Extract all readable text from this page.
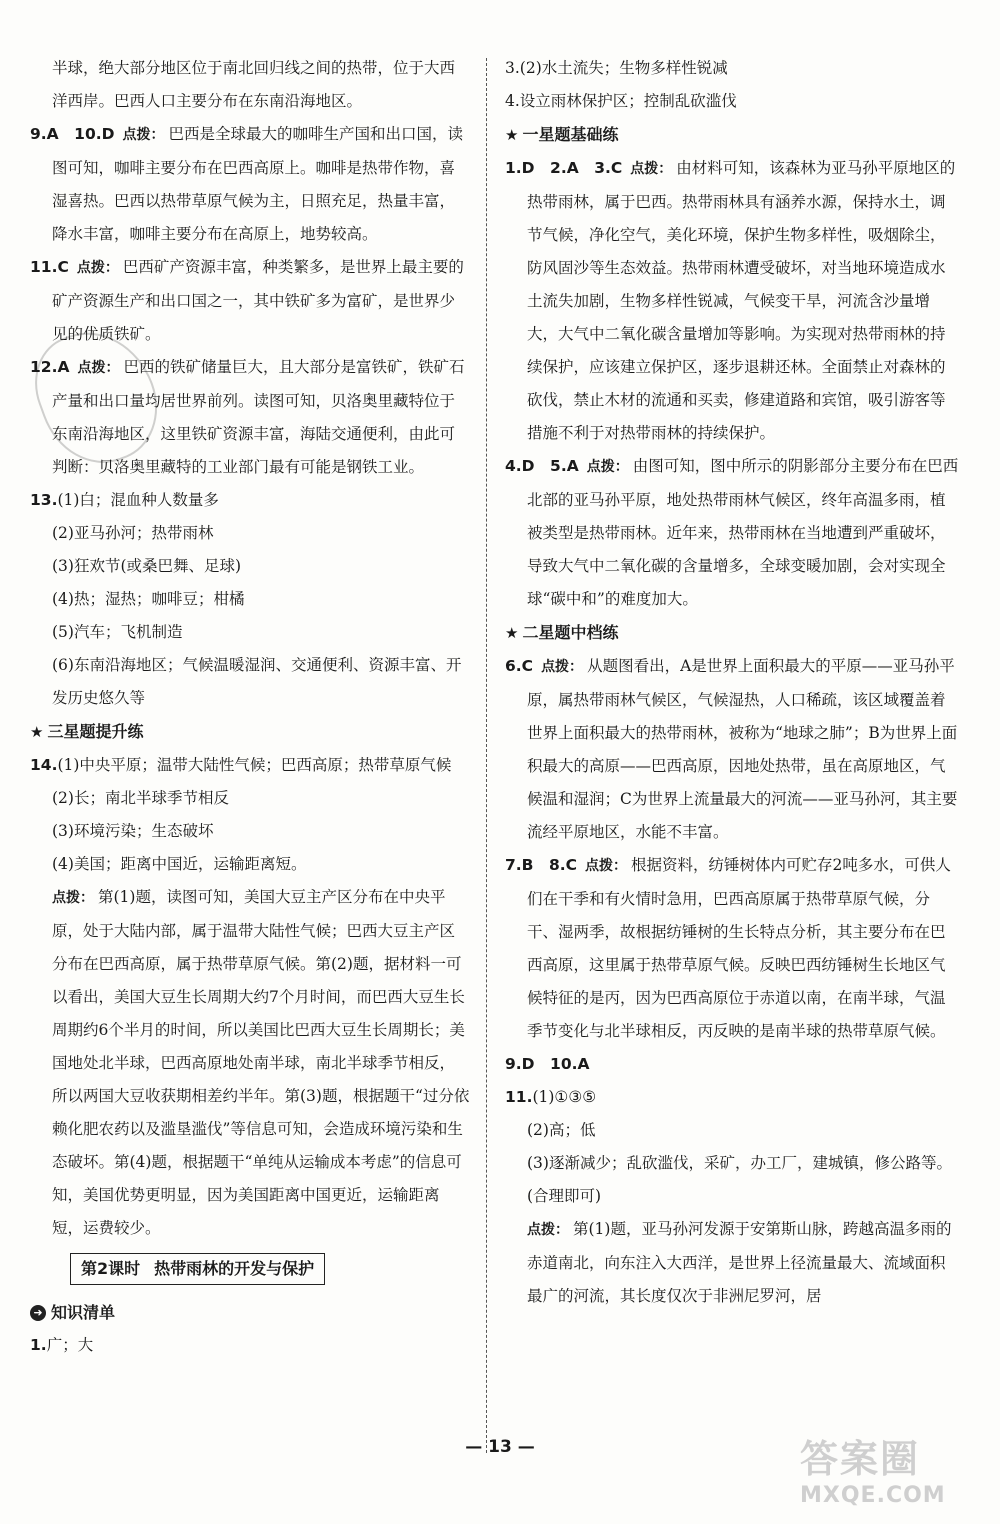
半球，绝大部分地区位于南北回归线之间的热带，位于大西洋西岸。巴西人口主要分布在东南沿海地区。
9.A　10.D 点拨： 巴西是全球最大的咖啡生产国和出口国，读图可知，咖啡主要分布在巴西高原上。咖啡是热带作物，喜湿喜热。巴西以热带草原气候为主，日照充足，热量丰富，降水丰富，咖啡主要分布在高原上，地势较高。
11.C 点拨： 巴西矿产资源丰富，种类繁多，是世界上最主要的矿产资源生产和出口国之一，其中铁矿多为富矿，是世界少见的优质铁矿。
12.A 点拨： 巴西的铁矿储量巨大，且大部分是富铁矿，铁矿石产量和出口量均居世界前列。读图可知，贝洛奥里藏特位于东南沿海地区，这里铁矿资源丰富，海陆交通便利，由此可判断：贝洛奥里藏特的工业部门最有可能是钢铁工业。
13.(1)白；混血种人数量多
(2)亚马孙河；热带雨林
(3)狂欢节(或桑巴舞、足球)
(4)热；湿热；咖啡豆；柑橘
(5)汽车；飞机制造
(6)东南沿海地区；气候温暖湿润、交通便利、资源丰富、开发历史悠久等
★ 三星题提升练
14.(1)中央平原；温带大陆性气候；巴西高原；热带草原气候
(2)长；南北半球季节相反
(3)环境污染；生态破坏
(4)美国；距离中国近，运输距离短。
点拨： 第(1)题，读图可知，美国大豆主产区分布在中央平原，处于大陆内部，属于温带大陆性气候；巴西大豆主产区分布在巴西高原，属于热带草原气候。第(2)题，据材料一可以看出，美国大豆生长周期大约7个月时间，而巴西大豆生长周期约6个半月的时间，所以美国比巴西大豆生长周期长；美国地处北半球，巴西高原地处南半球，南北半球季节相反，所以两国大豆收获期相差约半年。第(3)题，根据题干“过分依赖化肥农药以及滥垦滥伐”等信息可知，会造成环境污染和生态破坏。第(4)题，根据题干“单纯从运输成本考虑”的信息可知，美国优势更明显，因为美国距离中国更近，运输距离短，运费较少。
第2课时 热带雨林的开发与保护
➜ 知识清单
1.广；大
3.(2)水土流失；生物多样性锐减
4.设立雨林保护区；控制乱砍滥伐
★ 一星题基础练
1.D　2.A　3.C 点拨： 由材料可知，该森林为亚马孙平原地区的热带雨林，属于巴西。热带雨林具有涵养水源，保持水土，调节气候，净化空气，美化环境，保护生物多样性，吸烟除尘，防风固沙等生态效益。热带雨林遭受破坏，对当地环境造成水土流失加剧，生物多样性锐减，气候变干旱，河流含沙量增大，大气中二氧化碳含量增加等影响。为实现对热带雨林的持续保护，应该建立保护区，逐步退耕还林。全面禁止对森林的砍伐，禁止木材的流通和买卖，修建道路和宾馆，吸引游客等措施不利于对热带雨林的持续保护。
4.D　5.A 点拨： 由图可知，图中所示的阴影部分主要分布在巴西北部的亚马孙平原，地处热带雨林气候区，终年高温多雨，植被类型是热带雨林。近年来，热带雨林在当地遭到严重破坏，导致大气中二氧化碳的含量增多，全球变暖加剧，会对实现全球“碳中和”的难度加大。
★ 二星题中档练
6.C 点拨： 从题图看出，A是世界上面积最大的平原——亚马孙平原，属热带雨林气候区，气候湿热，人口稀疏，该区域覆盖着世界上面积最大的热带雨林，被称为“地球之肺”；B为世界上面积最大的高原——巴西高原，因地处热带，虽在高原地区，气候温和湿润；C为世界上流量最大的河流——亚马孙河，其主要流经平原地区，水能不丰富。
7.B　8.C 点拨： 根据资料，纺锤树体内可贮存2吨多水，可供人们在干季和有火情时急用，巴西高原属于热带草原气候，分干、湿两季，故根据纺锤树的生长特点分析，其主要分布在巴西高原，这里属于热带草原气候。反映巴西纺锤树生长地区气候特征的是丙，因为巴西高原位于赤道以南，在南半球，气温季节变化与北半球相反，丙反映的是南半球的热带草原气候。
9.D　10.A
11.(1)①③⑤
(2)高；低
(3)逐渐减少；乱砍滥伐，采矿，办工厂，建城镇，修公路等。(合理即可)
点拨： 第(1)题，亚马孙河发源于安第斯山脉，跨越高温多雨的赤道南北，向东注入大西洋，是世界上径流量最大、流域面积最广的河流，其长度仅次于非洲尼罗河，居
— 13 —	答案圈
MXQE.COM
